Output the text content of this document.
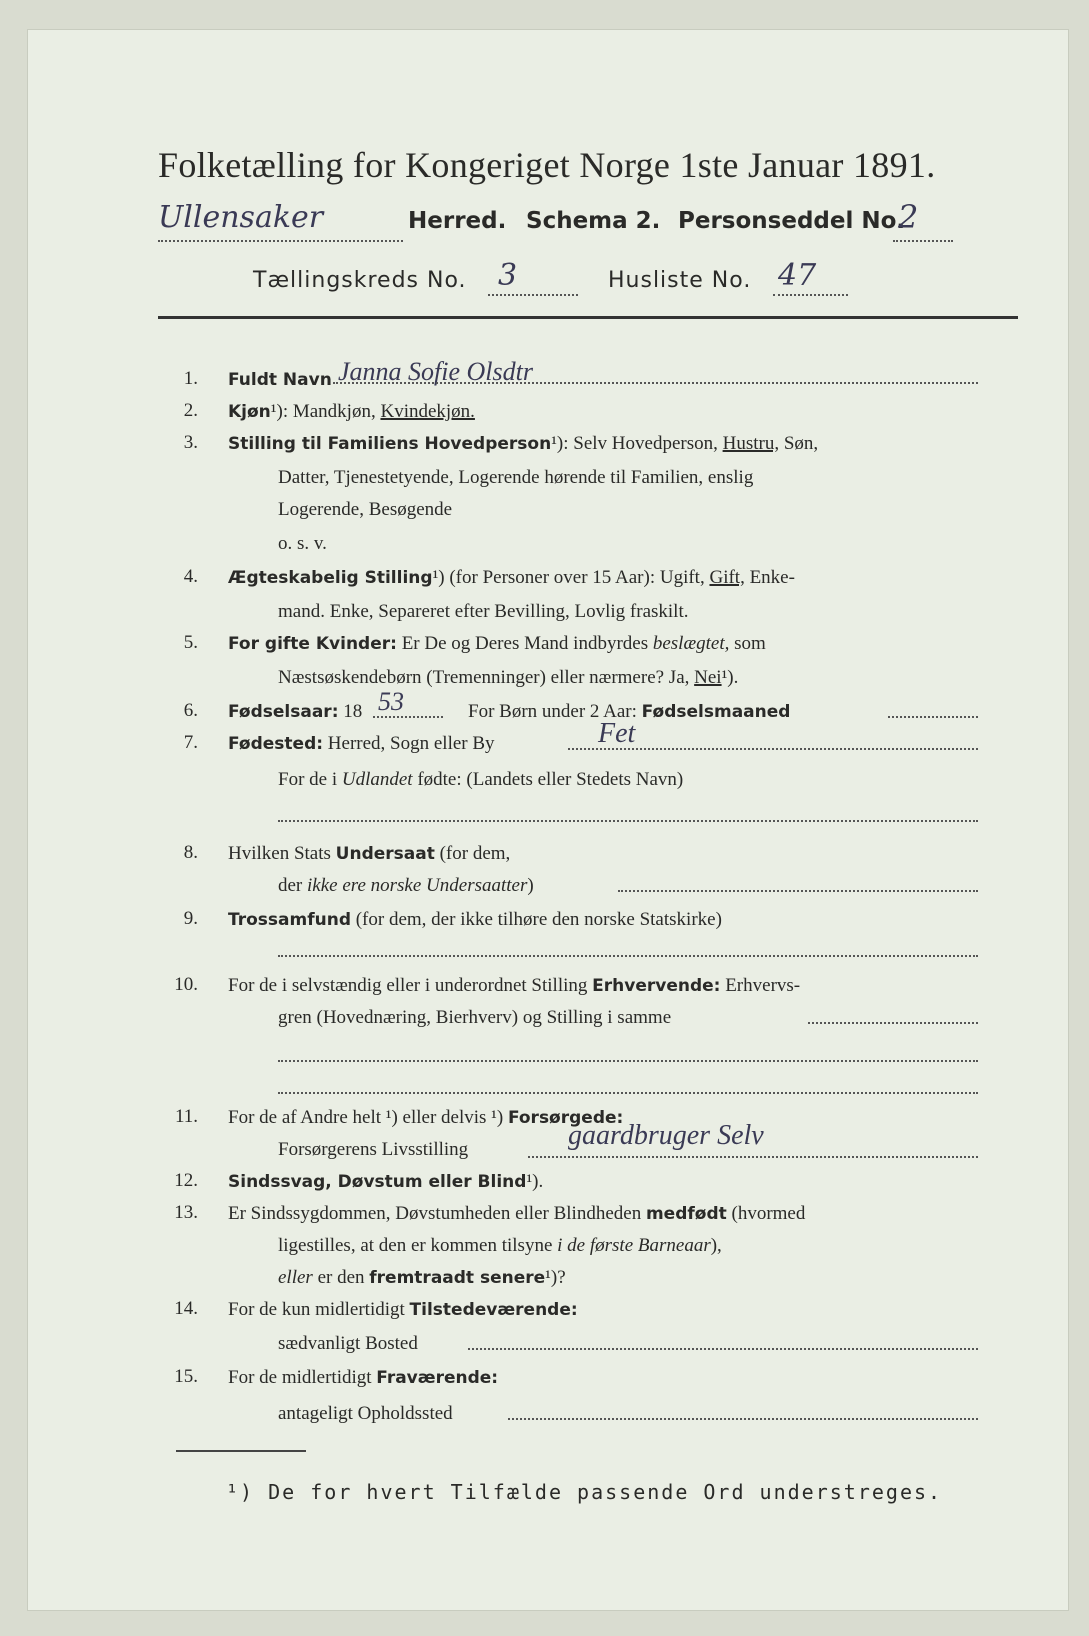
Folketælling for Kongeriget Norge 1ste Januar 1891.
Ullensaker	Herred. Schema 2. Personseddel No.
2
Tællingskreds No. 3	Husliste No. 47
1. Fuldt Navn Janna Sofie Olsdtr
2. Kjøn¹): Mandkjøn, Kvindekjøn.
3. Stilling til Familiens Hovedperson¹): Selv Hovedperson, Hustru, Søn,
Datter, Tjenestetyende, Logerende hørende til Familien, enslig
Logerende, Besøgende
o. s. v.
4. Ægteskabelig Stilling¹) (for Personer over 15 Aar): Ugift, Gift, Enke-
mand. Enke, Separeret efter Bevilling, Lovlig fraskilt.
5. For gifte Kvinder: Er De og Deres Mand indbyrdes beslægtet, som
Næstsøskendebørn (Tremenninger) eller nærmere? Ja, Nei¹).
6. Fødselsaar: 18 53	For Børn under 2 Aar: Fødselsmaaned
7. Fødested: Herred, Sogn eller By	Fet
For de i Udlandet fødte: (Landets eller Stedets Navn)
8. Hvilken Stats Undersaat (for dem,
der ikke ere norske Undersaatter)
9. Trossamfund (for dem, der ikke tilhøre den norske Statskirke)
10. For de i selvstændig eller i underordnet Stilling Erhvervende: Erhvervs-
gren (Hovednæring, Bierhverv) og Stilling i samme
11. For de af Andre helt ¹) eller delvis ¹) Forsørgede:
Forsørgerens Livsstilling	gaardbruger Selv
12. Sindssvag, Døvstum eller Blind¹).
13. Er Sindssygdommen, Døvstumheden eller Blindheden medfødt (hvormed
ligestilles, at den er kommen tilsyne i de første Barneaar),
eller er den fremtraadt senere¹)?
14. For de kun midlertidigt Tilstedeværende:
sædvanligt Bosted
15. For de midlertidigt Fraværende:
antageligt Opholdssted
¹) De for hvert Tilfælde passende Ord understreges.
